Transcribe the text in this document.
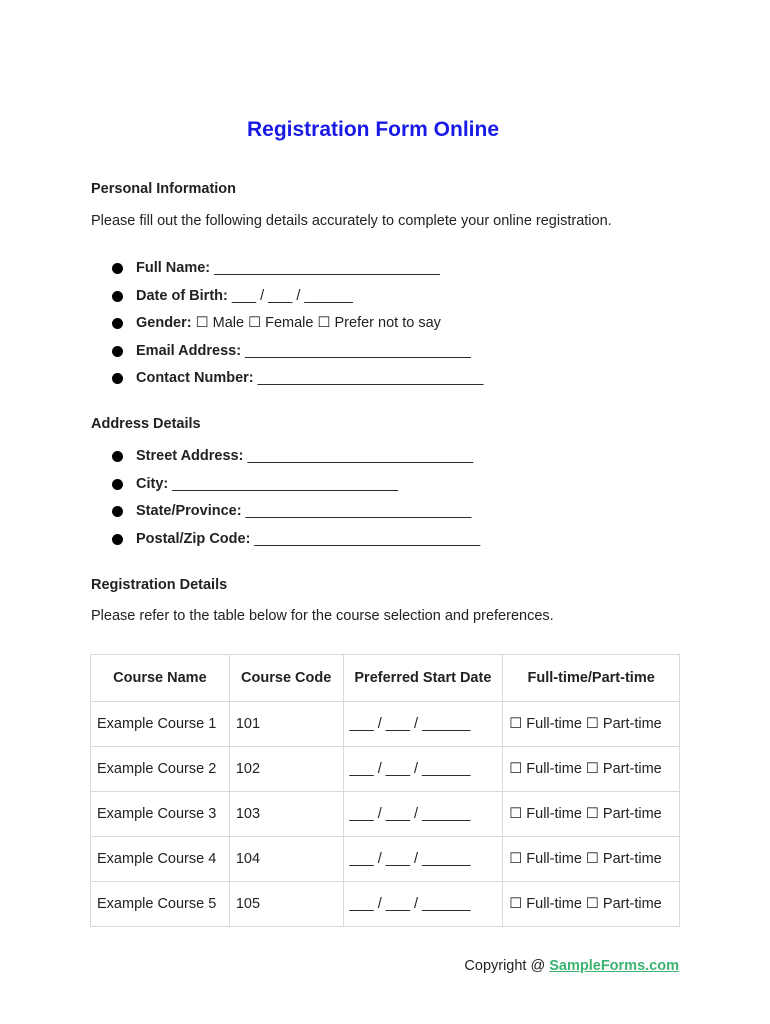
Registration Form Online
Personal Information
Please fill out the following details accurately to complete your online registration.
Full Name: ____________________________
Date of Birth: ___ / ___ / ______
Gender: ☐ Male ☐ Female ☐ Prefer not to say
Email Address: ____________________________
Contact Number: ____________________________
Address Details
Street Address: ____________________________
City: ____________________________
State/Province: ____________________________
Postal/Zip Code: ____________________________
Registration Details
Please refer to the table below for the course selection and preferences.
Course Name	Course Code	Preferred Start Date	Full-time/Part-time
Example Course 1	101	___ / ___ / ______	☐ Full-time ☐ Part-time
Example Course 2	102	___ / ___ / ______	☐ Full-time ☐ Part-time
Example Course 3	103	___ / ___ / ______	☐ Full-time ☐ Part-time
Example Course 4	104	___ / ___ / ______	☐ Full-time ☐ Part-time
Example Course 5	105	___ / ___ / ______	☐ Full-time ☐ Part-time
Copyright @ SampleForms.com
